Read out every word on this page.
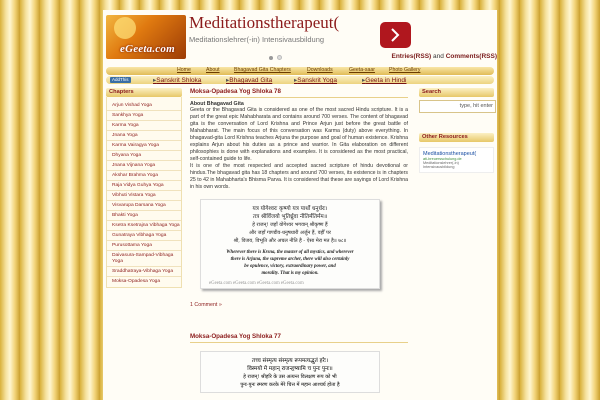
eGeeta.com
Meditationstherapeut(
Meditationslehrer(-in) Intensivausbildung
Entries(RSS) and Comments(RSS)
Home	About	Bhagavad Gita Chapters	Downloads	Geeta-saar	Photo Gallery
AddThis	▸ Sanskrit Shloka	▸ Bhagavad Gita	▸ Sanskrit Yoga	▸ Geeta in Hindi
Chapters
Arjun Vishad Yoga
Sankhya Yoga
Karma Yoga
Jnana Yoga
Karma Vairagya Yoga
Dhyana Yoga
Jnana Vijnana Yoga
Akshar Brahma Yoga
Raja Vidya Guhya Yoga
Vibhuti Vistara Yoga
Visvarupa Darsana Yoga
Bhakti Yoga
Ksetra Ksetrajna Vibhaga Yoga
Gunatraya Vibhaga Yoga
Purusottama Yoga
Daivasura-Sampad-Vibhaga Yoga
Sraddhatraya-Vibhaga Yoga
Moksa-Opadesa Yoga
Moksa-Opadesa Yog Shloka 78
About Bhagavad Gita

Geeta or the Bhagavad Gita is considered as one of the most sacred Hindu scripture. It is a part of the great epic Mahabharata and contains around 700 verses. The content of bhagavad gita is the conversation of Lord Krishna and Prince Arjun just before the great battle of Mahabharat. The main focus of this conversation was Karma (duty) above everything. In bhagavad-gita Lord Krishna teaches Arjuna the purpose and goal of human existence. Krishna explains Arjun about his duties as a prince and warrior. In Gita elaboration on different philosophies is done with explanations and examples. It is considered as the most practical, self-contained guide to life.

It is one of the most respected and accepted sacred scripture of hindu devotional or hindus.The bhagavad gita has 18 chapters and around 700 verses, its existence is in chapters 25 to 42 in Mahabharta's Bhisma Parva. It is considered that these are sayings of Lord Krishna in his own words.

यत्र योगेश्वरः कृष्णो यत्र पार्थो धनुर्धरः।
तत्र श्रीर्विजयो भूतिर्ध्रुवा नीतिर्मतिर्मम॥
हे राजन्! जहाँ योगेश्वर भगवान् श्रीकृष्ण हैं
और जहाँ गाण्डीव-धनुषधारी अर्जुन हैं, वहीँ पर
श्री, विजय, विभूति और अचल नीति है - ऐसा मेरा मत है॥ ७८॥
Wherever there is Krsna, the master of all mystics, and wherever
there is Arjuna, the supreme archer, there will also certainly
be opulence, victory, extraordinary power, and
morality. That is my opinion.
eGeeta.com eGeeta.com eGeeta.com eGeeta.com
1 Comment »
Moksa-Opadesa Yog Shloka 77
तच्च संस्मृत्य संस्मृत्य रूपमत्यद्भुतं हरेः।
विस्मयो मे महान् राजन्हृष्यामि च पुनः पुनः॥
हे राजन्! श्रीहरि के उस अत्यन्त विलक्षण रूप को भी
पुनः-पुनः स्मरण करके मेरे चित्त में महान आश्चर्य होता है
Search
type, hit enter
Other Resources
Meditationstherapeut(
ati-breuersschulung.de
Meditationslehrer(-in) Intensivausbildung
